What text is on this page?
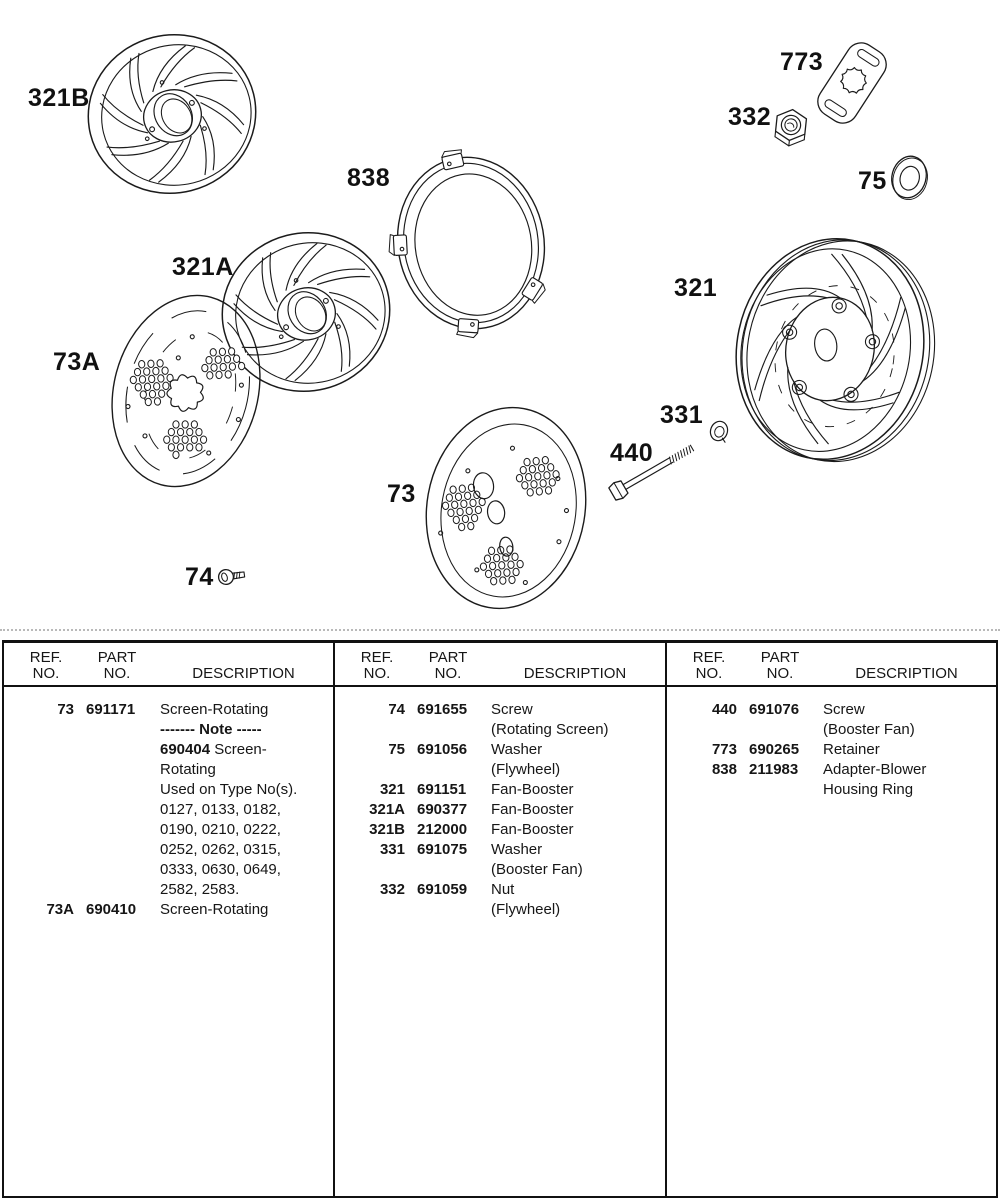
321B
838
773
332
75
321A
321
73A
331
440
73
74
REF.
NO.
PART
NO.	DESCRIPTION
73 691171	Screen-Rotating
------- Note -----
690404 Screen-
Rotating
Used on Type No(s).
0127, 0133, 0182,
0190, 0210, 0222,
0252, 0262, 0315,
0333, 0630, 0649,
2582, 2583.
73A 690410	Screen-Rotating
REF.
NO.
PART
NO.	DESCRIPTION
74 691655	Screw
(Rotating Screen)
75 691056	Washer
(Flywheel)
321 691151	Fan-Booster
321A 690377	Fan-Booster
321B 212000	Fan-Booster
331 691075	Washer
(Booster Fan)
332 691059	Nut
(Flywheel)
REF.
NO.
PART
NO.	DESCRIPTION
440 691076	Screw
(Booster Fan)
773 690265	Retainer
838 211983	Adapter-Blower
Housing Ring
